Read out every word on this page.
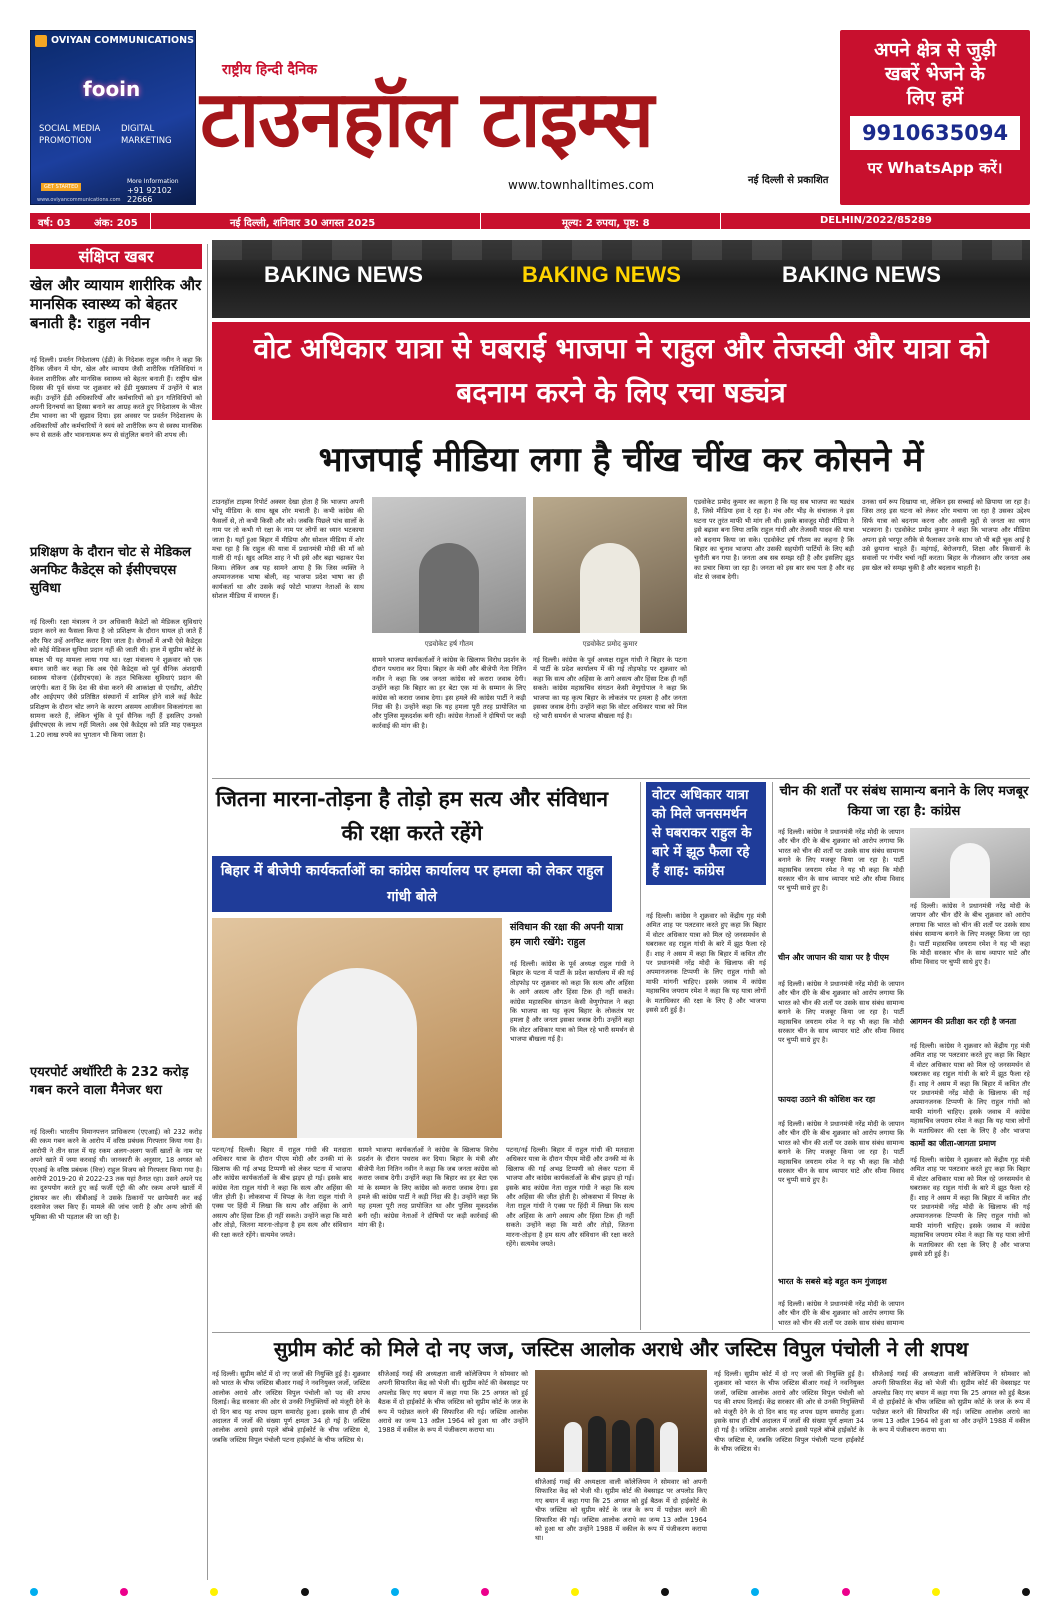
OVIYAN COMMUNICATIONS
fooin
SOCIAL MEDIA PROMOTION
DIGITAL MARKETING
More Information
+91 92102 22666
GET STARTED
www.oviyancommunications.com
राष्ट्रीय हिन्दी दैनिक
टाउनहॉल टाइम्स
www.townhalltimes.com	नई दिल्ली से प्रकाशित
अपने क्षेत्र से जुड़ी
खबरें भेजने के
लिए हमें
9910635094
पर WhatsApp करें।
वर्ष: 03 अंक: 205	नई दिल्ली, शनिवार 30 अगस्त 2025	मूल्य: 2 रुपया, पृष्ठ: 8	DELHIN/2022/85289
संक्षिप्त खबर
खेल और व्यायाम शारीरिक और मानसिक स्वास्थ्य को बेहतर बनाती है: राहुल नवीन
नई दिल्ली। प्रवर्तन निदेशालय (ईडी) के निदेशक राहुल नवीन ने कहा कि दैनिक जीवन में योग, खेल और व्यायाम जैसी शारीरिक गतिविधियां न केवल शारीरिक और मानसिक स्वास्थ्य को बेहतर बनाती हैं। राष्ट्रीय खेल दिवस की पूर्व संध्या पर शुक्रवार को ईडी मुख्यालय में उन्होंने ये बात कही। उन्होंने ईडी अधिकारियों और कर्मचारियों को इन गतिविधियों को अपनी दिनचर्या का हिस्सा बनाने का आग्रह करते हुए निदेशालय के भीतर टीम भावना का भी सुझाव दिया। इस अवसर पर प्रवर्तन निदेशालय के अधिकारियों और कर्मचारियों ने स्वयं को शारीरिक रूप से स्वस्थ मानसिक रूप से सतर्क और भावनात्मक रूप से संतुलित बनाने की शपथ ली।
प्रशिक्षण के दौरान चोट से मेडिकल अनफिट कैडेट्स को ईसीएचएस सुविधा
नई दिल्ली। रक्षा मंत्रालय ने उन अधिकारी कैडेटों को मेडिकल सुविधाएं प्रदान करने का फैसला किया है जो प्रशिक्षण के दौरान घायल हो जाते हैं और फिर उन्हें अनफिट करार दिया जाता है। सेनाओं में अभी ऐसे कैडेट्स को कोई मेडिकल सुविधा प्रदान नहीं की जाती थी। हाल में सुप्रीम कोर्ट के समक्ष भी यह मामला लाया गया था। रक्षा मंत्रालय ने शुक्रवार को एक बयान जारी कर कहा कि अब ऐसे कैडेट्स को पूर्व सैनिक अंशदायी स्वास्थ्य योजना (ईसीएचएस) के तहत चिकित्सा सुविधाएं प्रदान की जाएंगी। बता दें कि देश की सेवा करने की आकांक्षा से एनडीए, ओटीए और आईएमए जैसे प्रतिष्ठित संस्थानों में शामिल होने वाले कई कैडेट प्रशिक्षण के दौरान चोट लगने के कारण असमय आजीवन विकलांगता का सामना करते हैं, लेकिन चूंकि वे पूर्व सैनिक नहीं हैं इसलिए उनको ईसीएचएस के लाभ नहीं मिलते। अब ऐसे कैडेट्स को प्रति माह एकमुश्त 1.20 लाख रुपये का भुगतान भी किया जाता है।
एयरपोर्ट अथॉरिटी के 232 करोड़ गबन करने वाला मैनेजर धरा
नई दिल्ली। भारतीय विमानपत्तन प्राधिकरण (एएआई) को 232 करोड़ की रकम गबन करने के आरोप में वरिष्ठ प्रबंधक गिरफ्तार किया गया है। आरोपी ने तीन साल में यह रकम अलग-अलग फर्जी खातों के नाम पर अपने खाते में जमा करवाई थी। जानकारी के अनुसार, 18 अगस्त को एएआई के वरिष्ठ प्रबंधक (वित्त) राहुल विजय को गिरफ्तार किया गया है। आरोपी 2019-20 से 2022-23 तक यहां तैनात रहा। उसने अपने पद का दुरुपयोग करते हुए कई फर्जी एंट्री की और रकम अपने खातों में ट्रांसफर कर ली। सीबीआई ने उसके ठिकानों पर छापेमारी कर कई दस्तावेज जब्त किए हैं। मामले की जांच जारी है और अन्य लोगों की भूमिका की भी पड़ताल की जा रही है।
BAKING NEWS	BAKING NEWS	BAKING NEWS
वोट अधिकार यात्रा से घबराई भाजपा ने राहुल और तेजस्वी और यात्रा को बदनाम करने के लिए रचा षड्यंत्र
भाजपाई मीडिया लगा है चींख चींख कर कोसने में
टाउनहॉल टाइम्स रिपोर्ट अक्सर देखा होता है कि भाजपा अपनी भोंपू मीडिया के साथ खूब शोर मचाती है। कभी कांग्रेस की फैसलों से, तो कभी किसी और को। जबकि पिछले पांच सालों के नाम पर तो कभी गो रक्षा के नाम पर लोगों का ध्यान भटकाया जाता है। यहाँ हुआ बिहार में मीडिया और सोशल मीडिया में शोर मचा रहा है कि राहुल की यात्रा में प्रधानमंत्री मोदी की माँ को गाली दी गई। खुद अमित शाह ने भी इसे और बढ़ा चढ़ाकर पेश किया। लेकिन अब यह सामने आया है कि जिस व्यक्ति ने अपमानजनक भाषा बोली, वह भाजपा प्रदेश भाषा का ही कार्यकर्ता था और उसके कई फोटो भाजपा नेताओं के साथ सोशल मीडिया में वायरल हैं।
एडवोकेट हर्ष गौतम	एडवोकेट प्रमोद कुमार
सामने भाजपा कार्यकर्ताओं ने कांग्रेस के खिलाफ विरोध प्रदर्शन के दौरान पथराव कर दिया। बिहार के मंत्री और बीजेपी नेता नितिन नवीन ने कहा कि जब जनता कांग्रेस को करारा जवाब देगी। उन्होंने कहा कि बिहार का हर बेटा एक मां के सम्मान के लिए कांग्रेस को करारा जवाब देगा। इस हमले की कांग्रेस पार्टी ने कड़ी निंदा की है। उन्होंने कहा कि यह हमला पूरी तरह प्रायोजित था और पुलिस मूकदर्शक बनी रही। कांग्रेस नेताओं ने दोषियों पर कड़ी कार्रवाई की मांग की है।
नई दिल्ली। कांग्रेस के पूर्व अध्यक्ष राहुल गांधी ने बिहार के पटना में पार्टी के प्रदेश कार्यालय में की गई तोड़फोड़ पर शुक्रवार को कहा कि सत्य और अहिंसा के आगे असत्य और हिंसा टिक ही नहीं सकते। कांग्रेस महासचिव संगठन केसी वेणुगोपाल ने कहा कि भाजपा का यह कृत्य बिहार के लोकतंत्र पर हमला है और जनता इसका जवाब देगी। उन्होंने कहा कि वोटर अधिकार यात्रा को मिल रहे भारी समर्थन से भाजपा बौखला गई है।
एडवोकेट प्रमोद कुमार का कहना है कि यह सब भाजपा का षड्यंत्र है, जिसे मीडिया हवा दे रहा है। मंच और भीड़ के संचालक ने इस घटना पर तुरंत माफी भी मांग ली थी। इसके बावजूद मोदी मीडिया ने इसे बढ़ावा बना लिया ताकि राहुल गांधी और तेजस्वी यादव की यात्रा को बदनाम किया जा सके। एडवोकेट हर्ष गौतम का कहना है कि बिहार का चुनाव भाजपा और उसकी सहयोगी पार्टियों के लिए बड़ी चुनौती बन गया है। जनता अब सब समझ रही है और इसलिए झूठ का प्रचार किया जा रहा है। जनता को इस बार सच पता है और वह वोट से जवाब देगी।
उनका धर्म रूप दिखाया था, लेकिन इस सच्चाई को छिपाया जा रहा है। जिस तरह इस घटना को लेकर शोर मचाया जा रहा है उसका उद्देश्य सिर्फ यात्रा को बदनाम करना और असली मुद्दों से जनता का ध्यान भटकाना है। एडवोकेट प्रमोद कुमार ने कहा कि भाजपा और मीडिया अपना इसे भरपूर तरीके से फैलाकर उनके साथ जो भी बड़ी चूक आई है उसे छुपाना चाहते हैं। महंगाई, बेरोजगारी, शिक्षा और किसानों के सवालों पर गंभीर चर्चा नहीं करता। बिहार के नौजवान और जनता अब इस खेल को समझ चुकी है और बदलाव चाहती है।
जितना मारना-तोड़ना है तोड़ो हम सत्य और संविधान की रक्षा करते रहेंगे
बिहार में बीजेपी कार्यकर्ताओं का कांग्रेस कार्यालय पर हमला को लेकर राहुल गांधी बोले
संविधान की रक्षा की अपनी यात्रा हम जारी रखेंगे: राहुल
नई दिल्ली। कांग्रेस के पूर्व अध्यक्ष राहुल गांधी ने बिहार के पटना में पार्टी के प्रदेश कार्यालय में की गई तोड़फोड़ पर शुक्रवार को कहा कि सत्य और अहिंसा के आगे असत्य और हिंसा टिक ही नहीं सकते। कांग्रेस महासचिव संगठन केसी वेणुगोपाल ने कहा कि भाजपा का यह कृत्य बिहार के लोकतंत्र पर हमला है और जनता इसका जवाब देगी। उन्होंने कहा कि वोटर अधिकार यात्रा को मिल रहे भारी समर्थन से भाजपा बौखला गई है।
पटना/नई दिल्ली। बिहार में राहुल गांधी की मतदाता अधिकार यात्रा के दौरान पीएम मोदी और उनकी मां के खिलाफ की गई अभद्र टिप्पणी को लेकर पटना में भाजपा और कांग्रेस कार्यकर्ताओं के बीच झड़प हो गई। इसके बाद कांग्रेस नेता राहुल गांधी ने कहा कि सत्य और अहिंसा की जीत होती है। लोकसभा में विपक्ष के नेता राहुल गांधी ने एक्स पर हिंदी में लिखा कि सत्य और अहिंसा के आगे असत्य और हिंसा टिक ही नहीं सकते। उन्होंने कहा कि मारो और तोड़ो, जितना मारना-तोड़ना है हम सत्य और संविधान की रक्षा करते रहेंगे। सत्यमेव जयते।
सामने भाजपा कार्यकर्ताओं ने कांग्रेस के खिलाफ विरोध प्रदर्शन के दौरान पथराव कर दिया। बिहार के मंत्री और बीजेपी नेता नितिन नवीन ने कहा कि जब जनता कांग्रेस को करारा जवाब देगी। उन्होंने कहा कि बिहार का हर बेटा एक मां के सम्मान के लिए कांग्रेस को करारा जवाब देगा। इस हमले की कांग्रेस पार्टी ने कड़ी निंदा की है। उन्होंने कहा कि यह हमला पूरी तरह प्रायोजित था और पुलिस मूकदर्शक बनी रही। कांग्रेस नेताओं ने दोषियों पर कड़ी कार्रवाई की मांग की है।
पटना/नई दिल्ली। बिहार में राहुल गांधी की मतदाता अधिकार यात्रा के दौरान पीएम मोदी और उनकी मां के खिलाफ की गई अभद्र टिप्पणी को लेकर पटना में भाजपा और कांग्रेस कार्यकर्ताओं के बीच झड़प हो गई। इसके बाद कांग्रेस नेता राहुल गांधी ने कहा कि सत्य और अहिंसा की जीत होती है। लोकसभा में विपक्ष के नेता राहुल गांधी ने एक्स पर हिंदी में लिखा कि सत्य और अहिंसा के आगे असत्य और हिंसा टिक ही नहीं सकते। उन्होंने कहा कि मारो और तोड़ो, जितना मारना-तोड़ना है हम सत्य और संविधान की रक्षा करते रहेंगे। सत्यमेव जयते।
वोटर अधिकार यात्रा को मिले जनसमर्थन से घबराकर राहुल के बारे में झूठ फैला रहे हैं शाह: कांग्रेस
नई दिल्ली। कांग्रेस ने शुक्रवार को केंद्रीय गृह मंत्री अमित शाह पर पलटवार करते हुए कहा कि बिहार में वोटर अधिकार यात्रा को मिल रहे जनसमर्थन से घबराकर वह राहुल गांधी के बारे में झूठ फैला रहे हैं। शाह ने असम में कहा कि बिहार में कथित तौर पर प्रधानमंत्री नरेंद्र मोदी के खिलाफ की गई अपमानजनक टिप्पणी के लिए राहुल गांधी को माफी मांगनी चाहिए। इसके जवाब में कांग्रेस महासचिव जयराम रमेश ने कहा कि यह यात्रा लोगों के मताधिकार की रक्षा के लिए है और भाजपा इससे डरी हुई है।
चीन की शर्तों पर संबंध सामान्य बनाने के लिए मजबूर किया जा रहा है: कांग्रेस
नई दिल्ली। कांग्रेस ने प्रधानमंत्री नरेंद्र मोदी के जापान और चीन दौरे के बीच शुक्रवार को आरोप लगाया कि भारत को चीन की शर्तों पर उसके साथ संबंध सामान्य बनाने के लिए मजबूर किया जा रहा है। पार्टी महासचिव जयराम रमेश ने यह भी कहा कि मोदी सरकार चीन के साथ व्यापार घाटे और सीमा विवाद पर चुप्पी साधे हुए है।
नई दिल्ली। कांग्रेस ने प्रधानमंत्री नरेंद्र मोदी के जापान और चीन दौरे के बीच शुक्रवार को आरोप लगाया कि भारत को चीन की शर्तों पर उसके साथ संबंध सामान्य बनाने के लिए मजबूर किया जा रहा है। पार्टी महासचिव जयराम रमेश ने यह भी कहा कि मोदी सरकार चीन के साथ व्यापार घाटे और सीमा विवाद पर चुप्पी साधे हुए है।
चीन और जापान की यात्रा पर है पीएम
नई दिल्ली। कांग्रेस ने प्रधानमंत्री नरेंद्र मोदी के जापान और चीन दौरे के बीच शुक्रवार को आरोप लगाया कि भारत को चीन की शर्तों पर उसके साथ संबंध सामान्य बनाने के लिए मजबूर किया जा रहा है। पार्टी महासचिव जयराम रमेश ने यह भी कहा कि मोदी सरकार चीन के साथ व्यापार घाटे और सीमा विवाद पर चुप्पी साधे हुए है।
आगमन की प्रतीक्षा कर रही है जनता
नई दिल्ली। कांग्रेस ने शुक्रवार को केंद्रीय गृह मंत्री अमित शाह पर पलटवार करते हुए कहा कि बिहार में वोटर अधिकार यात्रा को मिल रहे जनसमर्थन से घबराकर वह राहुल गांधी के बारे में झूठ फैला रहे हैं। शाह ने असम में कहा कि बिहार में कथित तौर पर प्रधानमंत्री नरेंद्र मोदी के खिलाफ की गई अपमानजनक टिप्पणी के लिए राहुल गांधी को माफी मांगनी चाहिए। इसके जवाब में कांग्रेस महासचिव जयराम रमेश ने कहा कि यह यात्रा लोगों के मताधिकार की रक्षा के लिए है और भाजपा
फायदा उठाने की कोशिश कर रहा
नई दिल्ली। कांग्रेस ने प्रधानमंत्री नरेंद्र मोदी के जापान और चीन दौरे के बीच शुक्रवार को आरोप लगाया कि भारत को चीन की शर्तों पर उसके साथ संबंध सामान्य बनाने के लिए मजबूर किया जा रहा है। पार्टी महासचिव जयराम रमेश ने यह भी कहा कि मोदी सरकार चीन के साथ व्यापार घाटे और सीमा विवाद पर चुप्पी साधे हुए है।
कामों का जीता-जागता प्रमाण
नई दिल्ली। कांग्रेस ने शुक्रवार को केंद्रीय गृह मंत्री अमित शाह पर पलटवार करते हुए कहा कि बिहार में वोटर अधिकार यात्रा को मिल रहे जनसमर्थन से घबराकर वह राहुल गांधी के बारे में झूठ फैला रहे हैं। शाह ने असम में कहा कि बिहार में कथित तौर पर प्रधानमंत्री नरेंद्र मोदी के खिलाफ की गई अपमानजनक टिप्पणी के लिए राहुल गांधी को माफी मांगनी चाहिए। इसके जवाब में कांग्रेस महासचिव जयराम रमेश ने कहा कि यह यात्रा लोगों के मताधिकार की रक्षा के लिए है और भाजपा इससे डरी हुई है।
भारत के सबसे बड़े बहुत कम गुंजाइश
नई दिल्ली। कांग्रेस ने प्रधानमंत्री नरेंद्र मोदी के जापान और चीन दौरे के बीच शुक्रवार को आरोप लगाया कि भारत को चीन की शर्तों पर उसके साथ संबंध सामान्य
सुप्रीम कोर्ट को मिले दो नए जज, जस्टिस आलोक अराधे और जस्टिस विपुल पंचोली ने ली शपथ
नई दिल्ली। सुप्रीम कोर्ट में दो नए जजों की नियुक्ति हुई है। शुक्रवार को भारत के चीफ जस्टिस बीआर गवई ने नवनियुक्त जजों, जस्टिस आलोक अराधे और जस्टिस विपुल पंचोली को पद की शपथ दिलाई। केंद्र सरकार की ओर से उनकी नियुक्तियों को मंजूरी देने के दो दिन बाद यह शपथ ग्रहण समारोह हुआ। इसके साथ ही शीर्ष अदालत में जजों की संख्या पूर्ण क्षमता 34 हो गई है। जस्टिस आलोक अराधे इससे पहले बॉम्बे हाईकोर्ट के चीफ जस्टिस थे, जबकि जस्टिस विपुल पंचोली पटना हाईकोर्ट के चीफ जस्टिस थे।
सीजेआई गवई की अध्यक्षता वाली कॉलेजियम ने सोमवार को अपनी सिफारिश केंद्र को भेजी थी। सुप्रीम कोर्ट की वेबसाइट पर अपलोड किए गए बयान में कहा गया कि 25 अगस्त को हुई बैठक में दो हाईकोर्ट के चीफ जस्टिस को सुप्रीम कोर्ट के जज के रूप में पदोन्नत करने की सिफारिश की गई। जस्टिस आलोक अराधे का जन्म 13 अप्रैल 1964 को हुआ था और उन्होंने 1988 में वकील के रूप में पंजीकरण कराया था।
सीजेआई गवई की अध्यक्षता वाली कॉलेजियम ने सोमवार को अपनी सिफारिश केंद्र को भेजी थी। सुप्रीम कोर्ट की वेबसाइट पर अपलोड किए गए बयान में कहा गया कि 25 अगस्त को हुई बैठक में दो हाईकोर्ट के चीफ जस्टिस को सुप्रीम कोर्ट के जज के रूप में पदोन्नत करने की सिफारिश की गई। जस्टिस आलोक अराधे का जन्म 13 अप्रैल 1964 को हुआ था और उन्होंने 1988 में वकील के रूप में पंजीकरण कराया था।
नई दिल्ली। सुप्रीम कोर्ट में दो नए जजों की नियुक्ति हुई है। शुक्रवार को भारत के चीफ जस्टिस बीआर गवई ने नवनियुक्त जजों, जस्टिस आलोक अराधे और जस्टिस विपुल पंचोली को पद की शपथ दिलाई। केंद्र सरकार की ओर से उनकी नियुक्तियों को मंजूरी देने के दो दिन बाद यह शपथ ग्रहण समारोह हुआ। इसके साथ ही शीर्ष अदालत में जजों की संख्या पूर्ण क्षमता 34 हो गई है। जस्टिस आलोक अराधे इससे पहले बॉम्बे हाईकोर्ट के चीफ जस्टिस थे, जबकि जस्टिस विपुल पंचोली पटना हाईकोर्ट के चीफ जस्टिस थे।
सीजेआई गवई की अध्यक्षता वाली कॉलेजियम ने सोमवार को अपनी सिफारिश केंद्र को भेजी थी। सुप्रीम कोर्ट की वेबसाइट पर अपलोड किए गए बयान में कहा गया कि 25 अगस्त को हुई बैठक में दो हाईकोर्ट के चीफ जस्टिस को सुप्रीम कोर्ट के जज के रूप में पदोन्नत करने की सिफारिश की गई। जस्टिस आलोक अराधे का जन्म 13 अप्रैल 1964 को हुआ था और उन्होंने 1988 में वकील के रूप में पंजीकरण कराया था।
